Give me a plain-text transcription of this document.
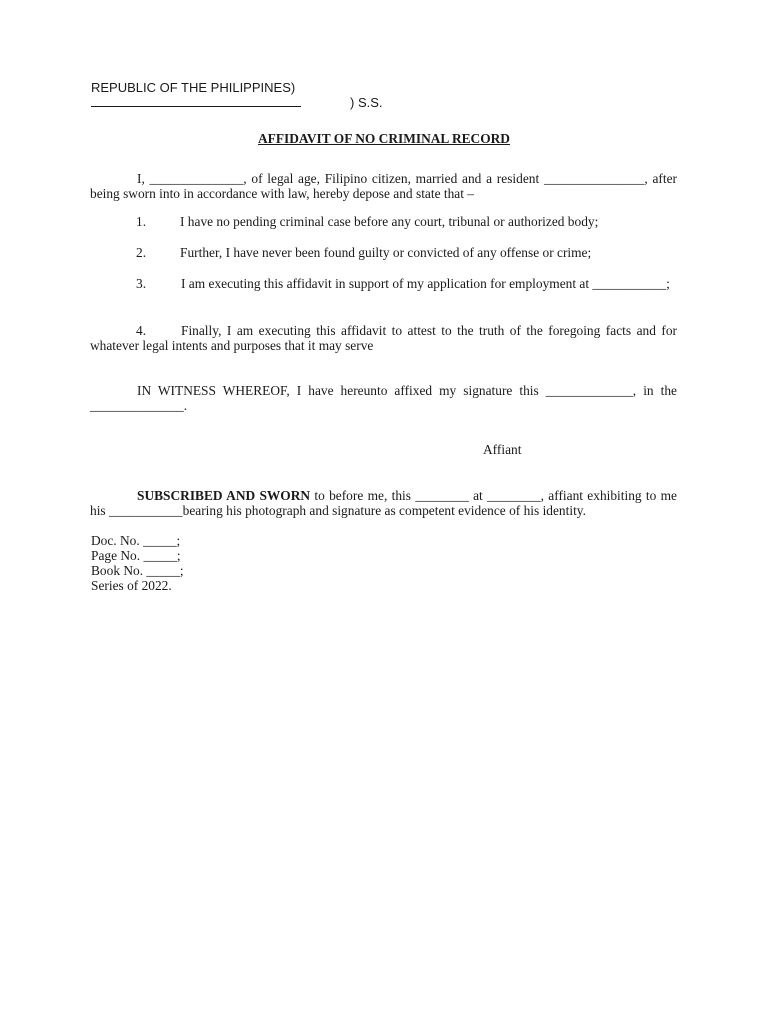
REPUBLIC OF THE PHILIPPINES)
) S.S.
AFFIDAVIT OF NO CRIMINAL RECORD
I, ______________, of legal age, Filipino citizen, married and a resident _______________, after being sworn into in accordance with law, hereby depose and state that –
1.	I have no pending criminal case before any court, tribunal or authorized body;
2.	Further, I have never been found guilty or convicted of any offense or crime;
3.	I am executing this affidavit in support of my application for employment at ___________;
4.	Finally, I am executing this affidavit to attest to the truth of the foregoing facts and for whatever legal intents and purposes that it may serve
IN WITNESS WHEREOF, I have hereunto affixed my signature this _____________, in the ______________.
Affiant
SUBSCRIBED AND SWORN to before me, this ________ at ________, affiant exhibiting to me his ___________bearing his photograph and signature as competent evidence of his identity.
Doc. No. _____;
Page No. _____;
Book No. _____;
Series of 2022.
